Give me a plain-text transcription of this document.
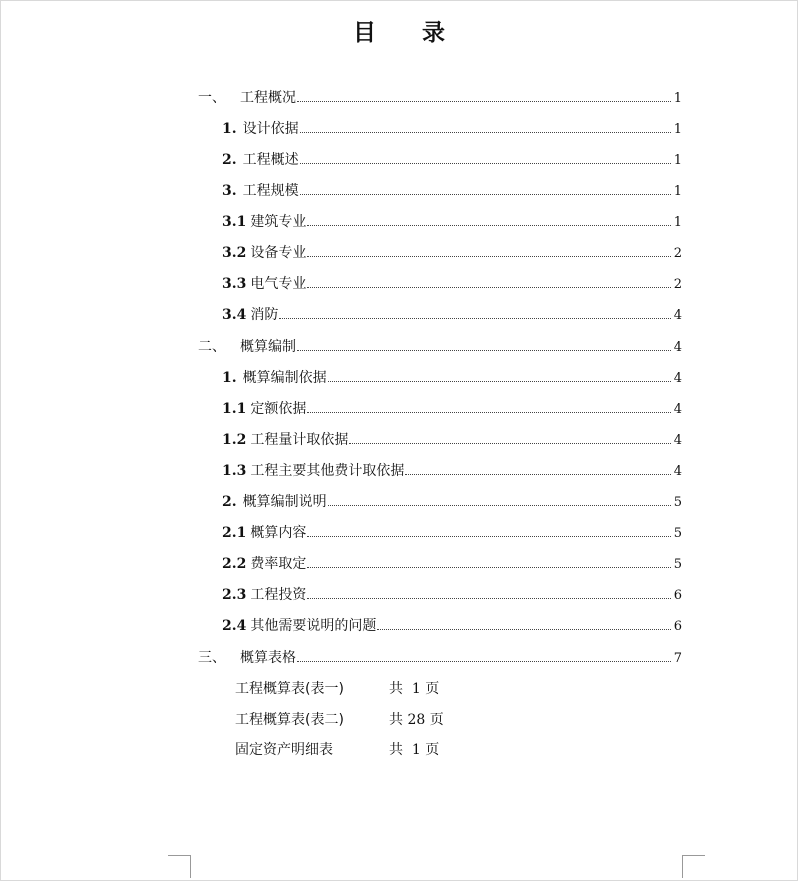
目 录
一、 工程概况	1
1. 设计依据	1
2. 工程概述	1
3. 工程规模	1
3.1 建筑专业	1
3.2 设备专业	2
3.3 电气专业	2
3.4 消防	4
二、 概算编制	4
1. 概算编制依据	4
1.1 定额依据	4
1.2 工程量计取依据	4
1.3 工程主要其他费计取依据	4
2. 概算编制说明	5
2.1 概算内容	5
2.2 费率取定	5
2.3 工程投资	6
2.4 其他需要说明的问题	6
三、 概算表格	7
工程概算表(表一)	共  1 页
工程概算表(表二)	共 28 页
固定资产明细表	共  1 页
